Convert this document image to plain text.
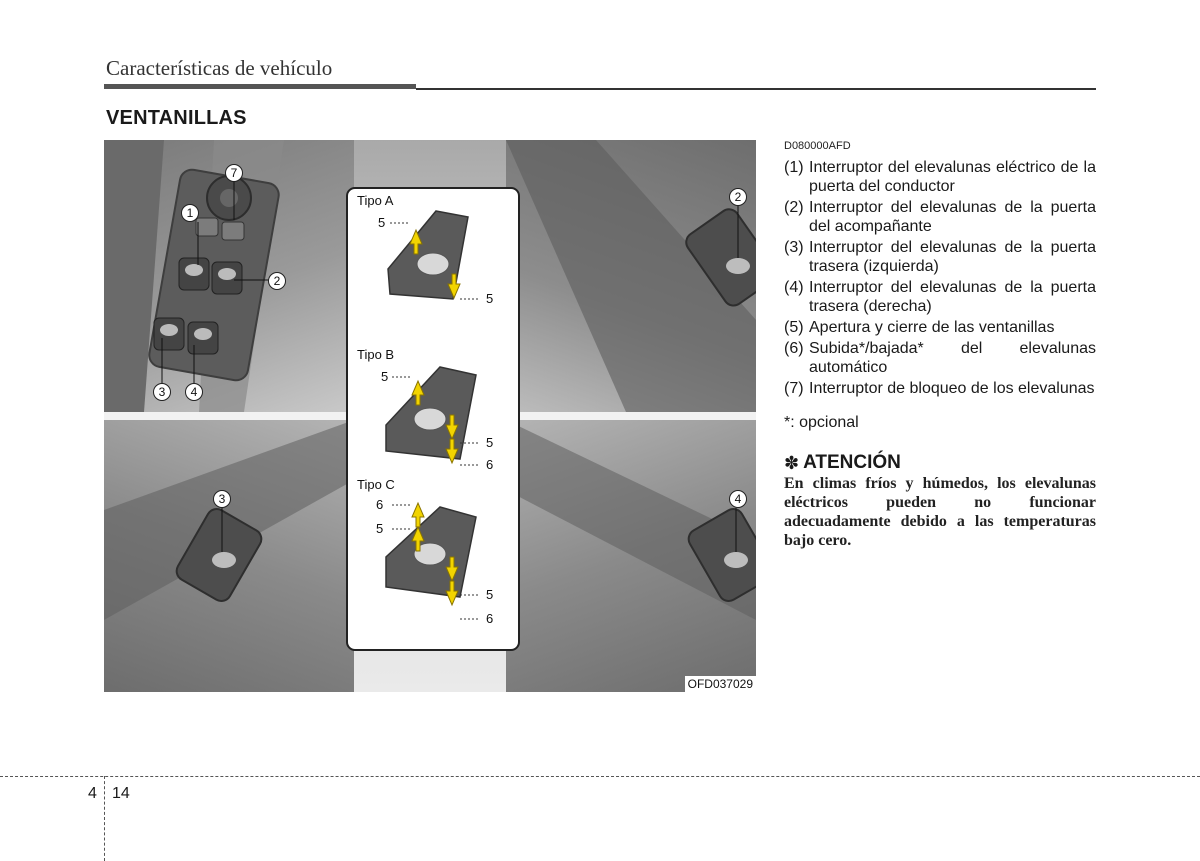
Características de vehículo
VENTANILLAS
7
1
2
3	4
2
3	4
Tipo A
5
5
Tipo B
5
5
6
Tipo C
6
5
5
6
OFD037029
D080000AFD
(1) Interruptor del elevalunas eléctrico de la puerta del conductor
(2) Interruptor del elevalunas de la puerta del acompañante
(3) Interruptor del elevalunas de la puerta trasera (izquierda)
(4) Interruptor del elevalunas de la puerta trasera (derecha)
(5) Apertura y cierre de las ventanillas
(6) Subida*/bajada* del elevalunas automático
(7) Interruptor de bloqueo de los elevalunas
*: opcional
✽ ATENCIÓN
En climas fríos y húmedos, los elevalunas eléctricos pueden no funcionar adecuadamente debido a las temperaturas bajo cero.
4 14
